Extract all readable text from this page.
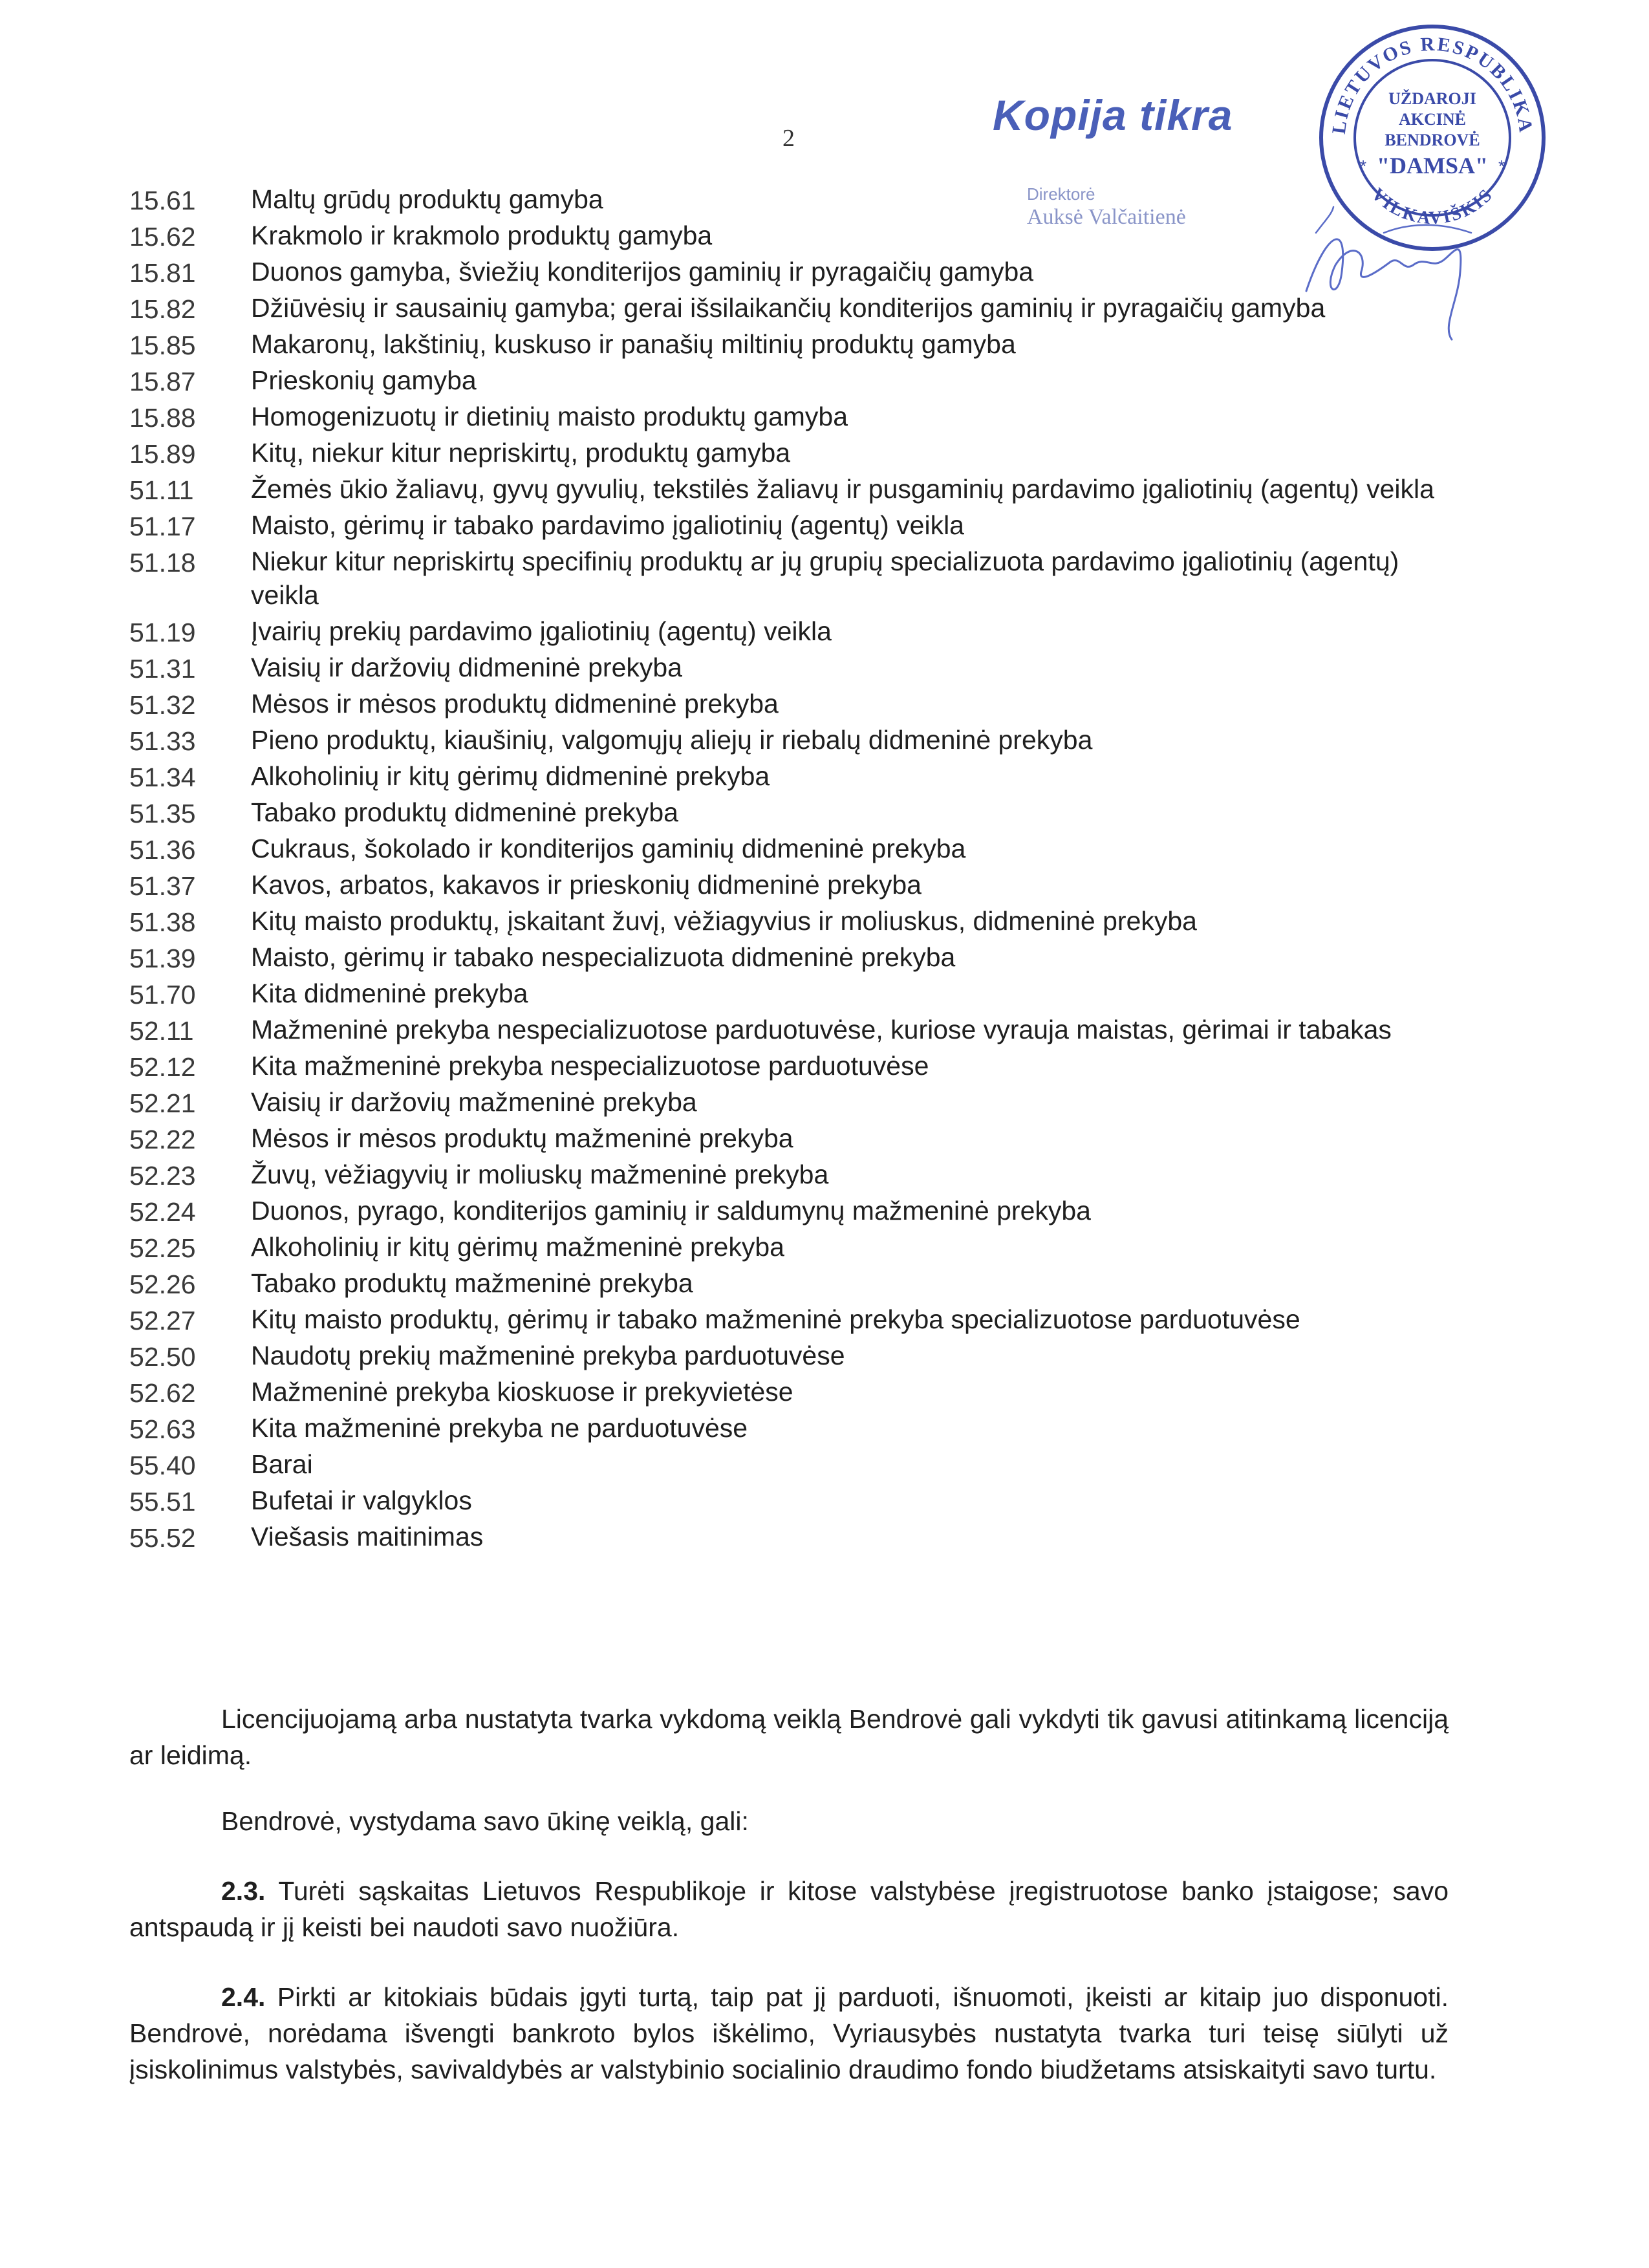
2	Kopija tikra
Direktorė
Auksė Valčaitienė
LIETUVOS RESPUBLIKA
VILKAVIŠKIS
UŽDAROJI
AKCINĖ
BENDROVĖ
"DAMSA"
*	*
15.61	Maltų grūdų produktų gamyba
15.62	Krakmolo ir krakmolo produktų gamyba
15.81	Duonos gamyba, šviežių konditerijos gaminių ir pyragaičių gamyba
15.82	Džiūvėsių ir sausainių gamyba; gerai išsilaikančių konditerijos gaminių ir pyragaičių gamyba
15.85	Makaronų, lakštinių, kuskuso ir panašių miltinių produktų gamyba
15.87	Prieskonių gamyba
15.88	Homogenizuotų ir dietinių maisto produktų gamyba
15.89	Kitų, niekur kitur nepriskirtų, produktų gamyba
51.11	Žemės ūkio žaliavų, gyvų gyvulių, tekstilės žaliavų ir pusgaminių pardavimo įgaliotinių (agentų) veikla
51.17	Maisto, gėrimų ir tabako pardavimo įgaliotinių (agentų) veikla
51.18	Niekur kitur nepriskirtų specifinių produktų ar jų grupių specializuota pardavimo įgaliotinių (agentų) veikla
51.19	Įvairių prekių pardavimo įgaliotinių (agentų) veikla
51.31	Vaisių ir daržovių didmeninė prekyba
51.32	Mėsos ir mėsos produktų didmeninė prekyba
51.33	Pieno produktų, kiaušinių, valgomųjų aliejų ir riebalų didmeninė prekyba
51.34	Alkoholinių ir kitų gėrimų didmeninė prekyba
51.35	Tabako produktų didmeninė prekyba
51.36	Cukraus, šokolado ir konditerijos gaminių didmeninė prekyba
51.37	Kavos, arbatos, kakavos ir prieskonių didmeninė prekyba
51.38	Kitų maisto produktų, įskaitant žuvį, vėžiagyvius ir moliuskus, didmeninė prekyba
51.39	Maisto, gėrimų ir tabako nespecializuota didmeninė prekyba
51.70	Kita didmeninė prekyba
52.11	Mažmeninė prekyba nespecializuotose parduotuvėse, kuriose vyrauja maistas, gėrimai ir tabakas
52.12	Kita mažmeninė prekyba nespecializuotose parduotuvėse
52.21	Vaisių ir daržovių mažmeninė prekyba
52.22	Mėsos ir mėsos produktų mažmeninė prekyba
52.23	Žuvų, vėžiagyvių ir moliuskų mažmeninė prekyba
52.24	Duonos, pyrago, konditerijos gaminių ir saldumynų mažmeninė prekyba
52.25	Alkoholinių ir kitų gėrimų mažmeninė prekyba
52.26	Tabako produktų mažmeninė prekyba
52.27	Kitų maisto produktų, gėrimų ir tabako mažmeninė prekyba specializuotose parduotuvėse
52.50	Naudotų prekių mažmeninė prekyba parduotuvėse
52.62	Mažmeninė prekyba kioskuose ir prekyvietėse
52.63	Kita mažmeninė prekyba ne parduotuvėse
55.40	Barai
55.51	Bufetai ir valgyklos
55.52	Viešasis maitinimas

Licencijuojamą arba nustatyta tvarka vykdomą veiklą Bendrovė gali vykdyti tik gavusi atitinkamą licenciją ar leidimą.

Bendrovė, vystydama savo ūkinę veiklą, gali:

2.3. Turėti sąskaitas Lietuvos Respublikoje ir kitose valstybėse įregistruotose banko įstaigose; savo antspaudą ir jį keisti bei naudoti savo nuožiūra.

2.4. Pirkti ar kitokiais būdais įgyti turtą, taip pat jį parduoti, išnuomoti, įkeisti ar kitaip juo disponuoti. Bendrovė, norėdama išvengti bankroto bylos iškėlimo, Vyriausybės nustatyta tvarka turi teisę siūlyti už įsiskolinimus valstybės, savivaldybės ar valstybinio socialinio draudimo fondo biudžetams atsiskaityti savo turtu.
